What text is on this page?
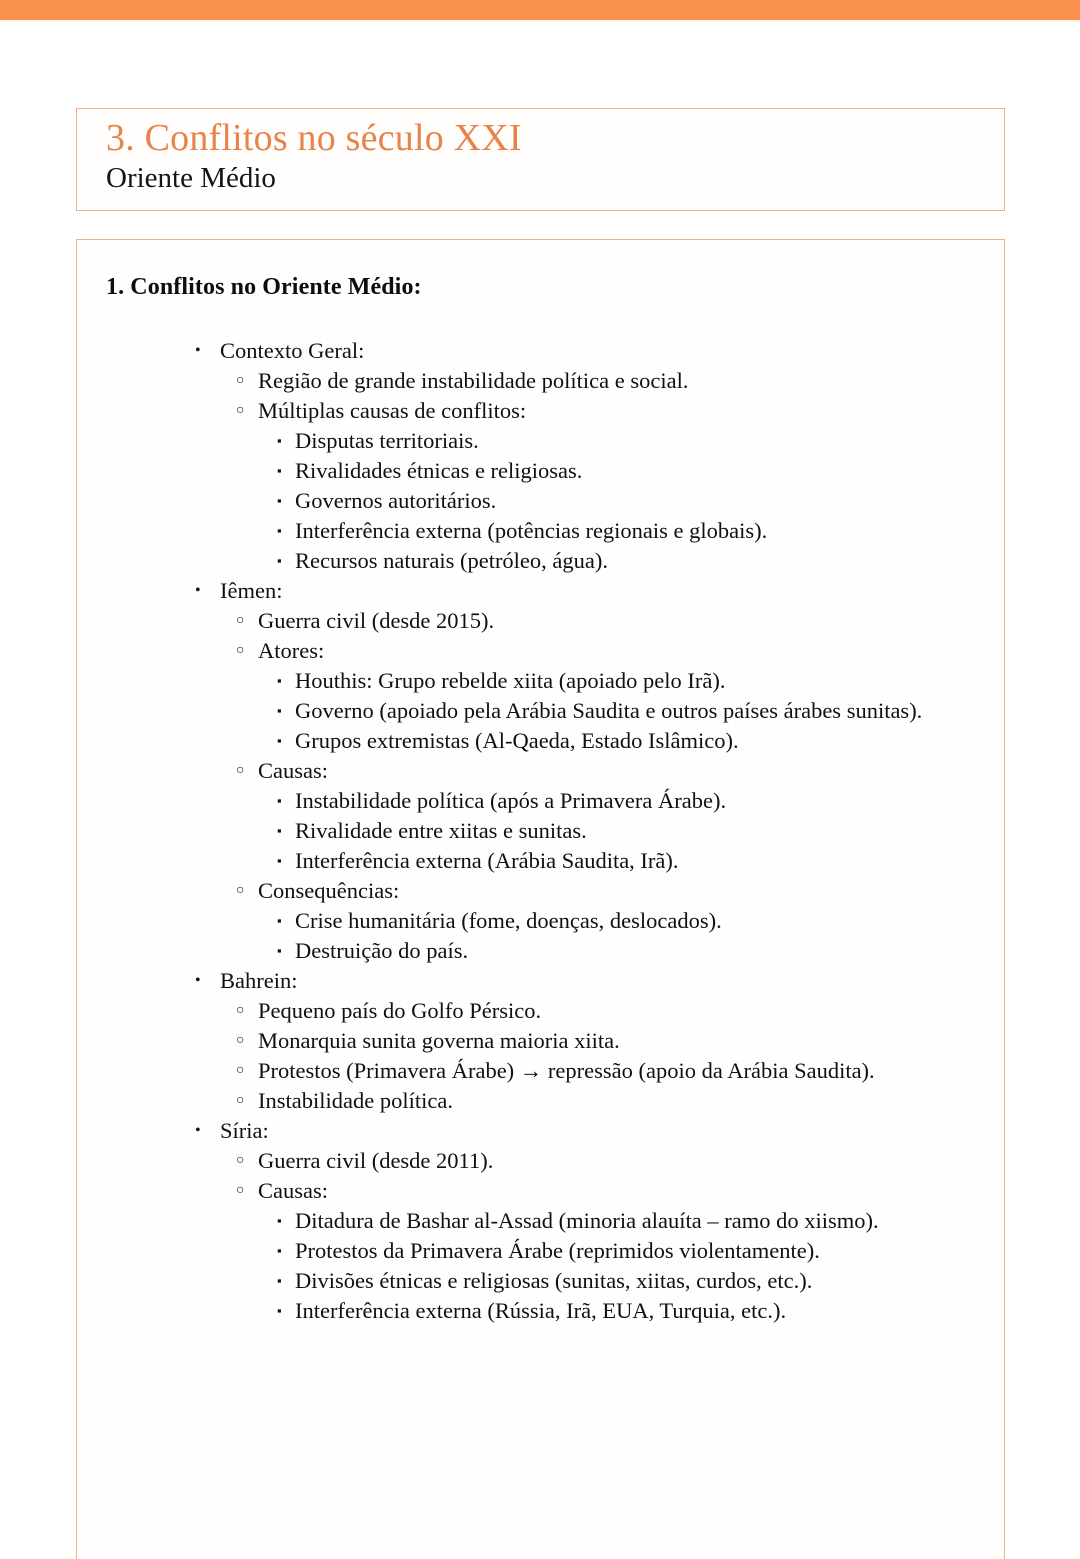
3. Conflitos no século XXI
Oriente Médio
1. Conflitos no Oriente Médio:
• Contexto Geral:
○ Região de grande instabilidade política e social.
○ Múltiplas causas de conflitos:
▪ Disputas territoriais.
▪ Rivalidades étnicas e religiosas.
▪ Governos autoritários.
▪ Interferência externa (potências regionais e globais).
▪ Recursos naturais (petróleo, água).
• Iêmen:
○ Guerra civil (desde 2015).
○ Atores:
▪ Houthis: Grupo rebelde xiita (apoiado pelo Irã).
▪ Governo (apoiado pela Arábia Saudita e outros países árabes sunitas).
▪ Grupos extremistas (Al-Qaeda, Estado Islâmico).
○ Causas:
▪ Instabilidade política (após a Primavera Árabe).
▪ Rivalidade entre xiitas e sunitas.
▪ Interferência externa (Arábia Saudita, Irã).
○ Consequências:
▪ Crise humanitária (fome, doenças, deslocados).
▪ Destruição do país.
• Bahrein:
○ Pequeno país do Golfo Pérsico.
○ Monarquia sunita governa maioria xiita.
○ Protestos (Primavera Árabe) → repressão (apoio da Arábia Saudita).
○ Instabilidade política.
• Síria:
○ Guerra civil (desde 2011).
○ Causas:
▪ Ditadura de Bashar al-Assad (minoria alauíta – ramo do xiismo).
▪ Protestos da Primavera Árabe (reprimidos violentamente).
▪ Divisões étnicas e religiosas (sunitas, xiitas, curdos, etc.).
▪ Interferência externa (Rússia, Irã, EUA, Turquia, etc.).
